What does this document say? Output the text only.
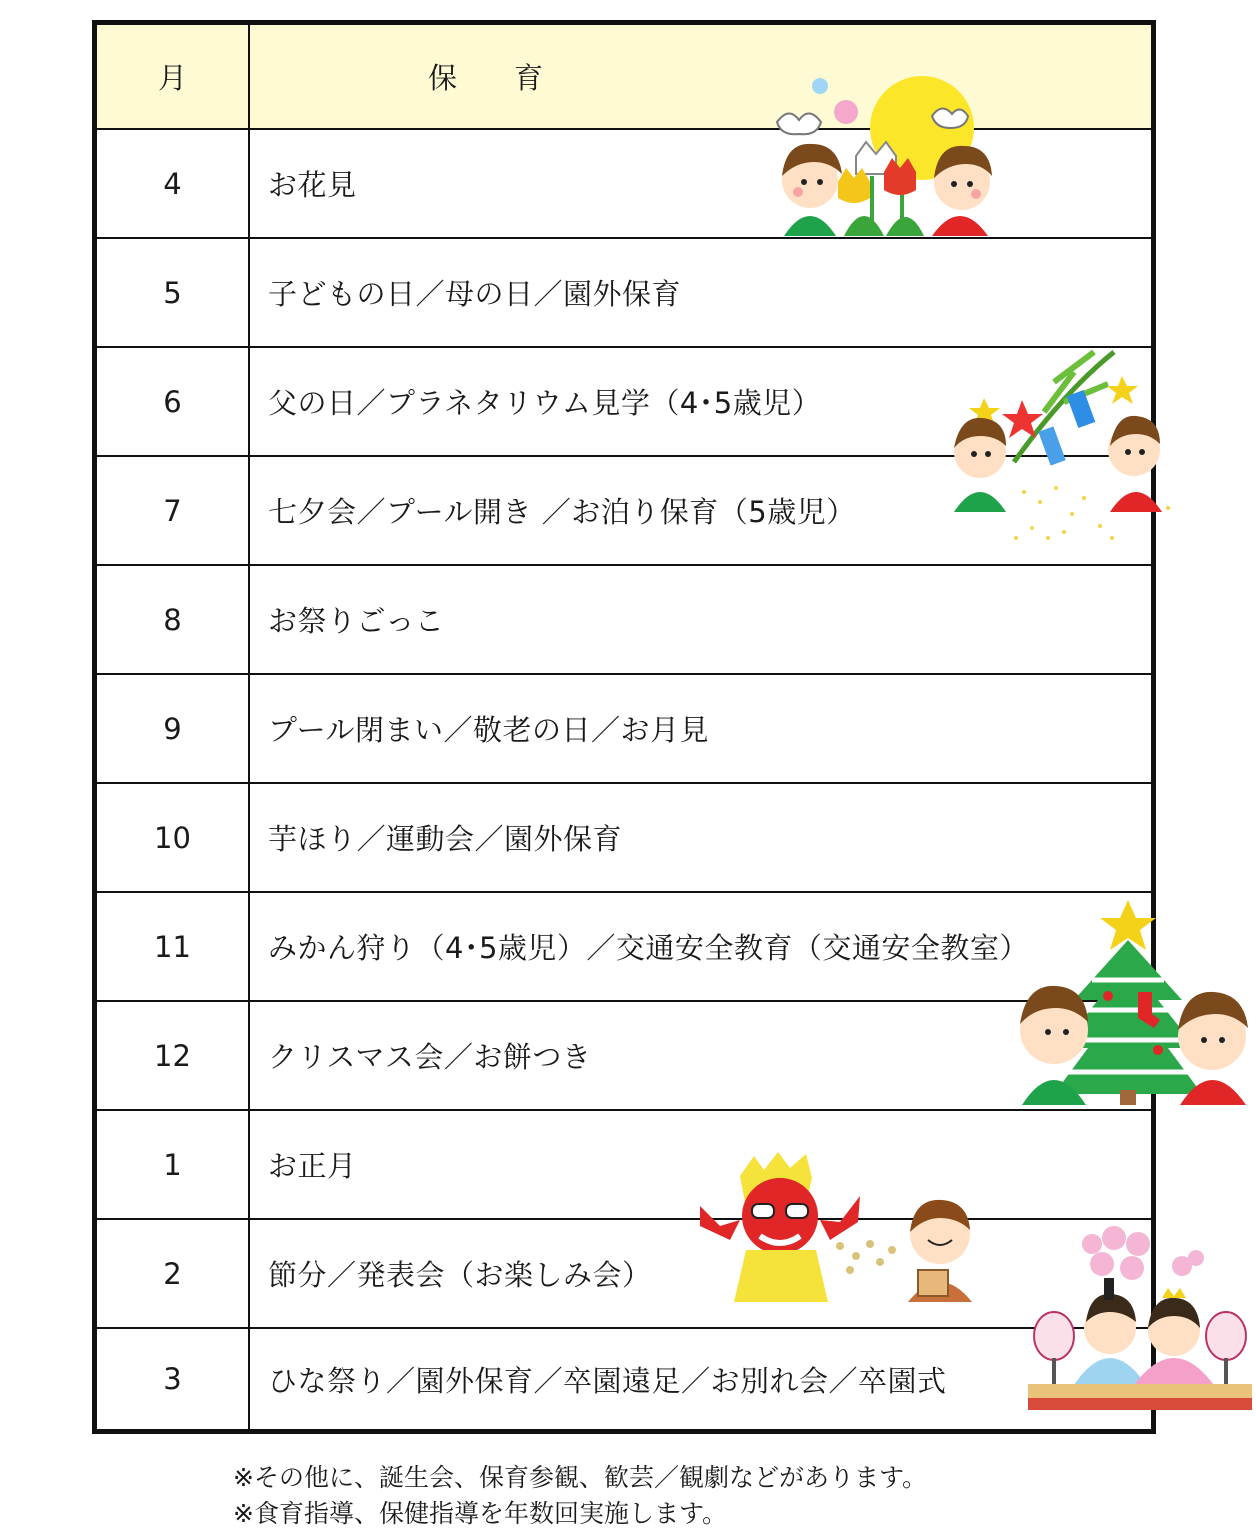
月	保　育
4	お花見
5	子どもの日／母の日／園外保育
6	父の日／プラネタリウム見学（4･5歳児）
7	七夕会／プール開き ／お泊り保育（5歳児）
8	お祭りごっこ
9	プール閉まい／敬老の日／お月見
10	芋ほり／運動会／園外保育
11	みかん狩り（4･5歳児）／交通安全教育（交通安全教室）
12	クリスマス会／お餅つき
1	お正月
2	節分／発表会（お楽しみ会）
3	ひな祭り／園外保育／卒園遠足／お別れ会／卒園式
※その他に、誕生会、保育参観、歓芸／観劇などがあります。
※食育指導、保健指導を年数回実施します。
